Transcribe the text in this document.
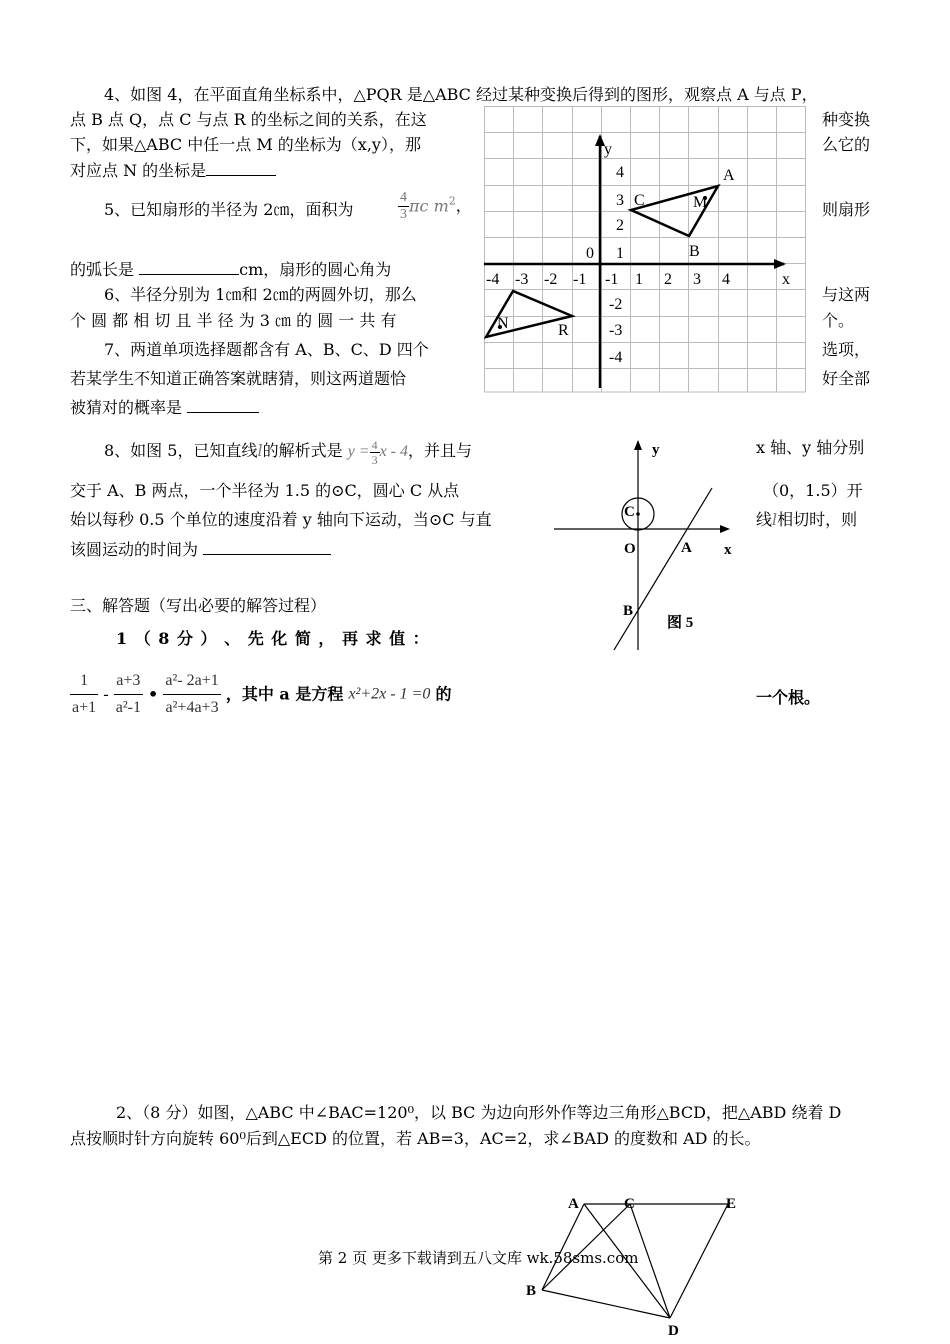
4、如图 4，在平面直角坐标系中，△PQR 是△ABC 经过某种变换后得到的图形，观察点 A 与点 P，
点 B 点 Q，点 C 与点 R 的坐标之间的关系，在这	种变换
下，如果△ABC 中任一点 M 的坐标为（x,y），那	么它的
对应点 N 的坐标是
5、已知扇形的半径为 2㎝，面积为	$\frac{4}{3}$ πc $m^2$，	则扇形
的弧长是	cm，扇形的圆心角为
6、半径分别为 1㎝和 2㎝的两圆外切，那么	与这两
个 圆 都 相 切 且 半 径 为 3 ㎝ 的 圆 一 共 有	个。
7、两道单项选择题都含有 A、B、C、D 四个	选项，
若某学生不知道正确答案就瞎猜，则这两道题恰	好全部
被猜对的概率是
x
y
-4 -3 -2 -1 -1 1 2 3 4
4
3
2
1
0
-2
-3
-4
A
B
C	M
N	R
8、如图 5，已知直线l的解析式是 $y = \frac{4}{3}$ x - 4，并且与	x 轴、y 轴分别
交于 A、B 两点，一个半径为 1.5 的⊙C，圆心 C 从点	（0，1.5）开
始以每秒 0.5 个单位的速度沿着 y 轴向下运动，当⊙C 与直	线l相切时，则
该圆运动的时间为
y
x
O	A
B
C
图 5
三、解答题（写出必要的解答过程）
1 （ 8 分 ） 、 先 化 简 ， 再 求 值 ：
$\frac{1}{a+1} - \frac{a+3}{\text{a²-1}}$ • $\frac{\text{a²- 2a+1}}{\text{a²+4a+3}}$ ，其中 a 是方程 x²+2x - 1 =0 的	一个根。
2、（8 分）如图，△ABC 中∠BAC=120⁰，以 BC 为边向形外作等边三角形△BCD，把△ABD 绕着 D
点按顺时针方向旋转 60⁰后到△ECD 的位置，若 AB=3，AC=2，求∠BAD 的度数和 AD 的长。
A	C	E
B
D
第 2 页 更多下载请到五八文库 wk.58sms.com
